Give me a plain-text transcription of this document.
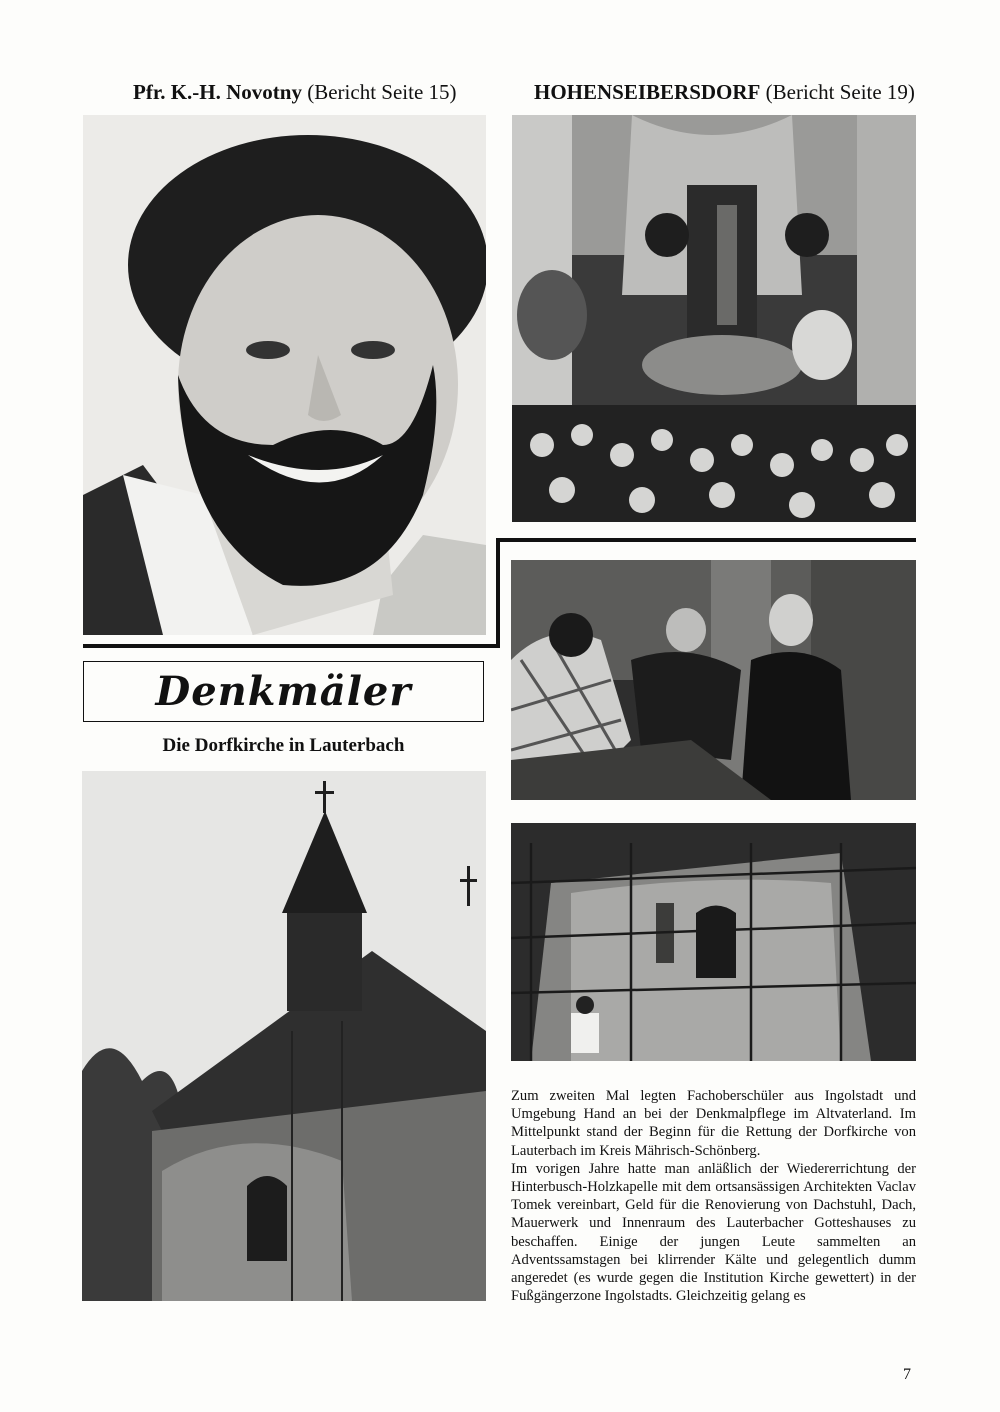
Pfr. K.-H. Novotny (Bericht Seite 15)	HOHENSEIBERSDORF (Bericht Seite 19)
Denkmäler
Die Dorfkirche in Lauterbach

Zum zweiten Mal legten Fachoberschüler aus Ingolstadt und Umgebung Hand an bei der Denkmalpflege im Altvaterland. Im Mittelpunkt stand der Beginn für die Rettung der Dorfkirche von Lauterbach im Kreis Mährisch-Schönberg.

Im vorigen Jahre hatte man anläßlich der Wiedererrichtung der Hinterbusch-Holzkapelle mit dem ortsansässigen Architekten Vaclav Tomek vereinbart, Geld für die Renovierung von Dachstuhl, Dach, Mauerwerk und Innenraum des Lauterbacher Gotteshauses zu beschaffen. Einige der jungen Leute sammelten an Adventssamstagen bei klirrender Kälte und gelegentlich dumm angeredet (es wurde gegen die Institution Kirche gewettert) in der Fußgängerzone Ingolstadts. Gleichzeitig gelang es

7
